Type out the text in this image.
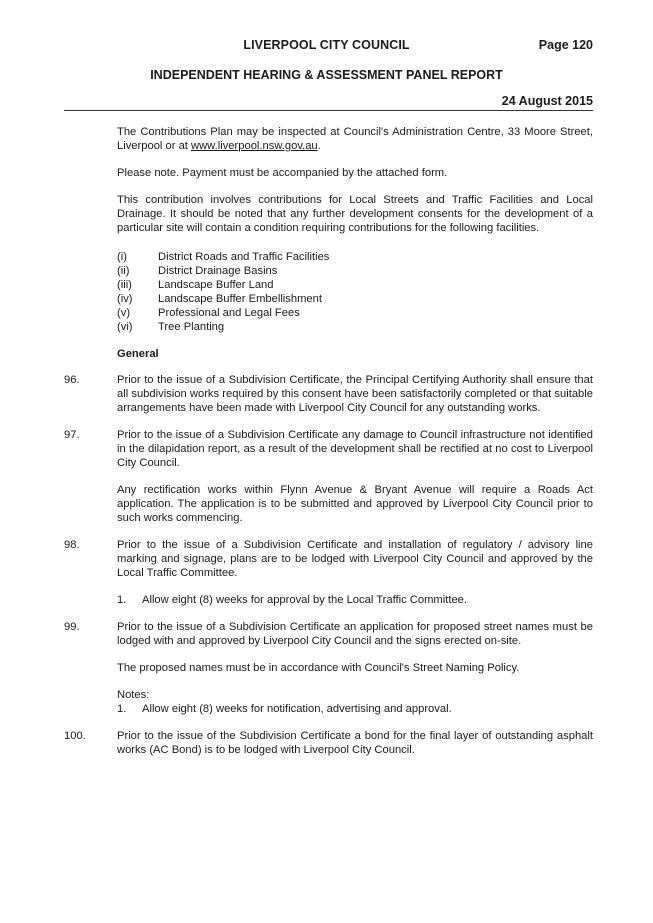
LIVERPOOL CITY COUNCIL	Page 120
INDEPENDENT HEARING & ASSESSMENT PANEL REPORT
24 August 2015

The Contributions Plan may be inspected at Council's Administration Centre, 33 Moore Street, Liverpool or at www.liverpool.nsw.gov.au.

Please note. Payment must be accompanied by the attached form.

This contribution involves contributions for Local Streets and Traffic Facilities and Local Drainage. It should be noted that any further development consents for the development of a particular site will contain a condition requiring contributions for the following facilities.

(i)	District Roads and Traffic Facilities
(ii)	District Drainage Basins
(iii)	Landscape Buffer Land
(iv)	Landscape Buffer Embellishment
(v)	Professional and Legal Fees
(vi)	Tree Planting
General
96.	Prior to the issue of a Subdivision Certificate, the Principal Certifying Authority shall ensure that all subdivision works required by this consent have been satisfactorily completed or that suitable arrangements have been made with Liverpool City Council for any outstanding works.
97.	Prior to the issue of a Subdivision Certificate any damage to Council infrastructure not identified in the dilapidation report, as a result of the development shall be rectified at no cost to Liverpool City Council.

Any rectification works within Flynn Avenue & Bryant Avenue will require a Roads Act application. The application is to be submitted and approved by Liverpool City Council prior to such works commencing.

98.	Prior to the issue of a Subdivision Certificate and installation of regulatory / advisory line marking and signage, plans are to be lodged with Liverpool City Council and approved by the Local Traffic Committee.
1.	Allow eight (8) weeks for approval by the Local Traffic Committee.
99.	Prior to the issue of a Subdivision Certificate an application for proposed street names must be lodged with and approved by Liverpool City Council and the signs erected on-site.

The proposed names must be in accordance with Council's Street Naming Policy.

Notes:

1.	Allow eight (8) weeks for notification, advertising and approval.
100.	Prior to the issue of the Subdivision Certificate a bond for the final layer of outstanding asphalt works (AC Bond) is to be lodged with Liverpool City Council.
